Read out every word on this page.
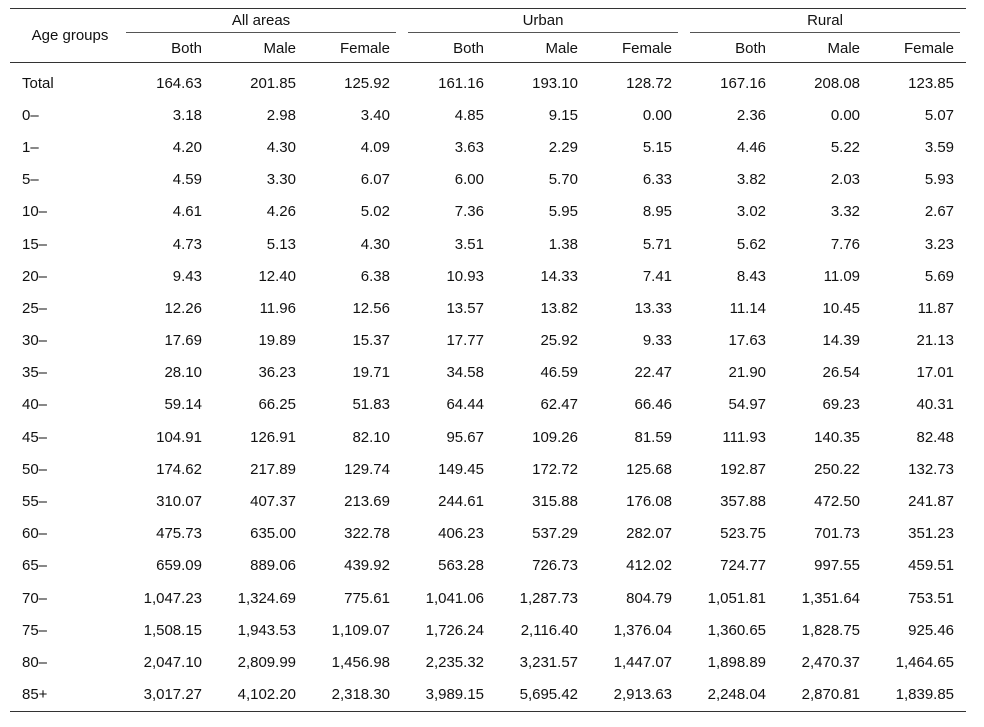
Age groups	All areas			Urban			Rural		

	Both	Male	Female	Both	Male	Female	Both	Male	Female
Total	164.63	201.85	125.92	161.16	193.10	128.72	167.16	208.08	123.85
0–	3.18	2.98	3.40	4.85	9.15	0.00	2.36	0.00	5.07
1–	4.20	4.30	4.09	3.63	2.29	5.15	4.46	5.22	3.59
5–	4.59	3.30	6.07	6.00	5.70	6.33	3.82	2.03	5.93
10–	4.61	4.26	5.02	7.36	5.95	8.95	3.02	3.32	2.67
15–	4.73	5.13	4.30	3.51	1.38	5.71	5.62	7.76	3.23
20–	9.43	12.40	6.38	10.93	14.33	7.41	8.43	11.09	5.69
25–	12.26	11.96	12.56	13.57	13.82	13.33	11.14	10.45	11.87
30–	17.69	19.89	15.37	17.77	25.92	9.33	17.63	14.39	21.13
35–	28.10	36.23	19.71	34.58	46.59	22.47	21.90	26.54	17.01
40–	59.14	66.25	51.83	64.44	62.47	66.46	54.97	69.23	40.31
45–	104.91	126.91	82.10	95.67	109.26	81.59	111.93	140.35	82.48
50–	174.62	217.89	129.74	149.45	172.72	125.68	192.87	250.22	132.73
55–	310.07	407.37	213.69	244.61	315.88	176.08	357.88	472.50	241.87
60–	475.73	635.00	322.78	406.23	537.29	282.07	523.75	701.73	351.23
65–	659.09	889.06	439.92	563.28	726.73	412.02	724.77	997.55	459.51
70–	1,047.23	1,324.69	775.61	1,041.06	1,287.73	804.79	1,051.81	1,351.64	753.51
75–	1,508.15	1,943.53	1,109.07	1,726.24	2,116.40	1,376.04	1,360.65	1,828.75	925.46
80–	2,047.10	2,809.99	1,456.98	2,235.32	3,231.57	1,447.07	1,898.89	2,470.37	1,464.65
85+	3,017.27	4,102.20	2,318.30	3,989.15	5,695.42	2,913.63	2,248.04	2,870.81	1,839.85
